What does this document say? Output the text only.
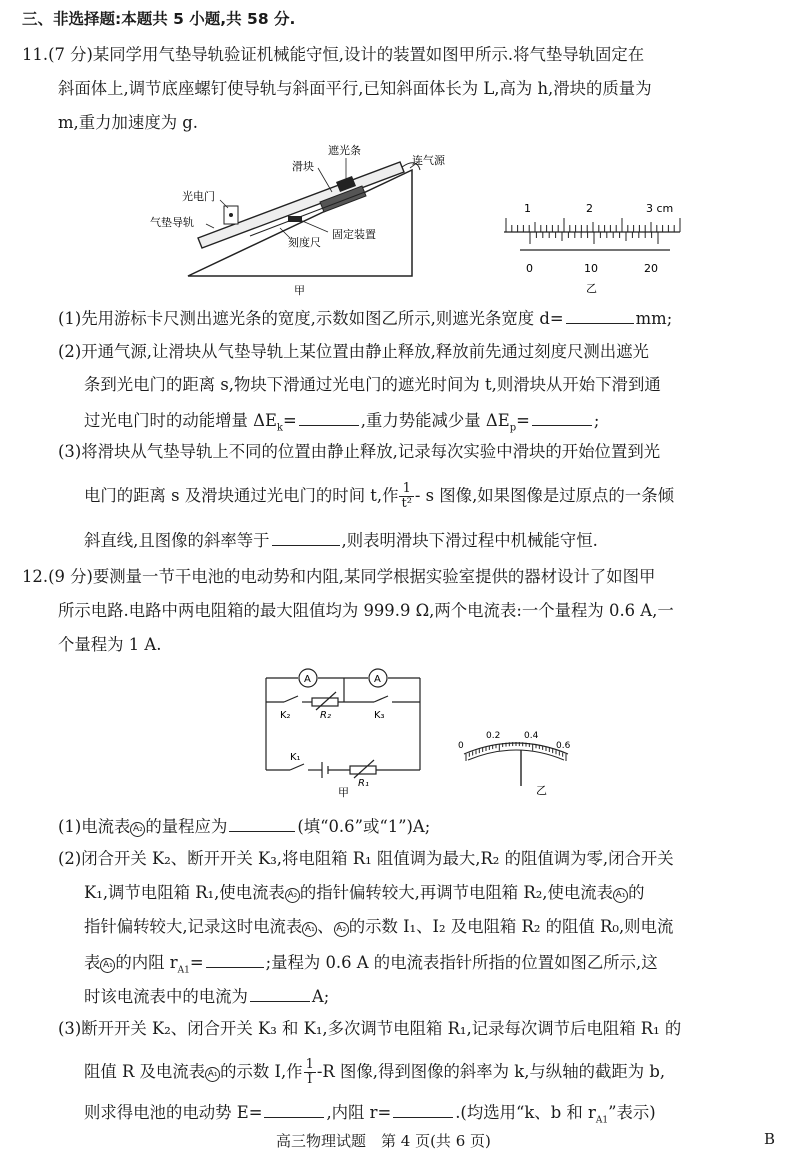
三、非选择题:本题共 5 小题,共 58 分.
11.(7 分)某同学用气垫导轨验证机械能守恒,设计的装置如图甲所示.将气垫导轨固定在
斜面体上,调节底座螺钉使导轨与斜面平行,已知斜面体长为 L,高为 h,滑块的质量为
m,重力加速度为 g.
遮光条
滑块	连气源
光电门
气垫导轨
固定装置
刻度尺
甲
1	2	3 cm
0	10	20
乙
(1)先用游标卡尺测出遮光条的宽度,示数如图乙所示,则遮光条宽度 d=	mm;
(2)开通气源,让滑块从气垫导轨上某位置由静止释放,释放前先通过刻度尺测出遮光
条到光电门的距离 s,物块下滑通过光电门的遮光时间为 t,则滑块从开始下滑到通
过光电门时的动能增量 $\Delta E_k=$	,重力势能减少量 $\Delta E_p=$	;
(3)将滑块从气垫导轨上不同的位置由静止释放,记录每次实验中滑块的开始位置到光
电门的距离 s 及滑块通过光电门的时间 t,作 $\frac{1}{\text{t²}}$ - s 图像,如果图像是过原点的一条倾
斜直线,且图像的斜率等于	,则表明滑块下滑过程中机械能守恒.
12.(9 分)要测量一节干电池的电动势和内阻,某同学根据实验室提供的器材设计了如图甲
所示电路.电路中两电阻箱的最大阻值均为 999.9 Ω,两个电流表:一个量程为 0.6 A,一
个量程为 1 A.
A	A
K₂	K₃
R₂
K₁
R₁
甲
0
0.2	0.4
0.6
乙
(1)电流表 A₂ 的量程应为	(填“0.6”或“1”)A;
(2)闭合开关 K₂、断开开关 K₃,将电阻箱 R₁ 阻值调为最大,R₂ 的阻值调为零,闭合开关
K₁,调节电阻箱 R₁,使电流表 A₂ 的指针偏转较大,再调节电阻箱 R₂,使电流表 A₁ 的
指针偏转较大,记录这时电流表 A₁ 、 A₂ 的示数 I₁、I₂ 及电阻箱 R₂ 的阻值 R₀,则电流
表 A₁ 的内阻 $r_{A1}=$	;量程为 0.6 A 的电流表指针所指的位置如图乙所示,这
时该电流表中的电流为	A;
(3)断开开关 K₂、闭合开关 K₃ 和 K₁,多次调节电阻箱 R₁,记录每次调节后电阻箱 R₁ 的
阻值 R 及电流表 A₁ 的示数 I,作 $\frac{1}{I} -R$ 图像,得到图像的斜率为 k,与纵轴的截距为 b,
则求得电池的电动势 E=	,内阻 r=	.(均选用“k、b 和 $r_{A1}$”表示)
高三物理试题　第 4 页(共 6 页)	B
